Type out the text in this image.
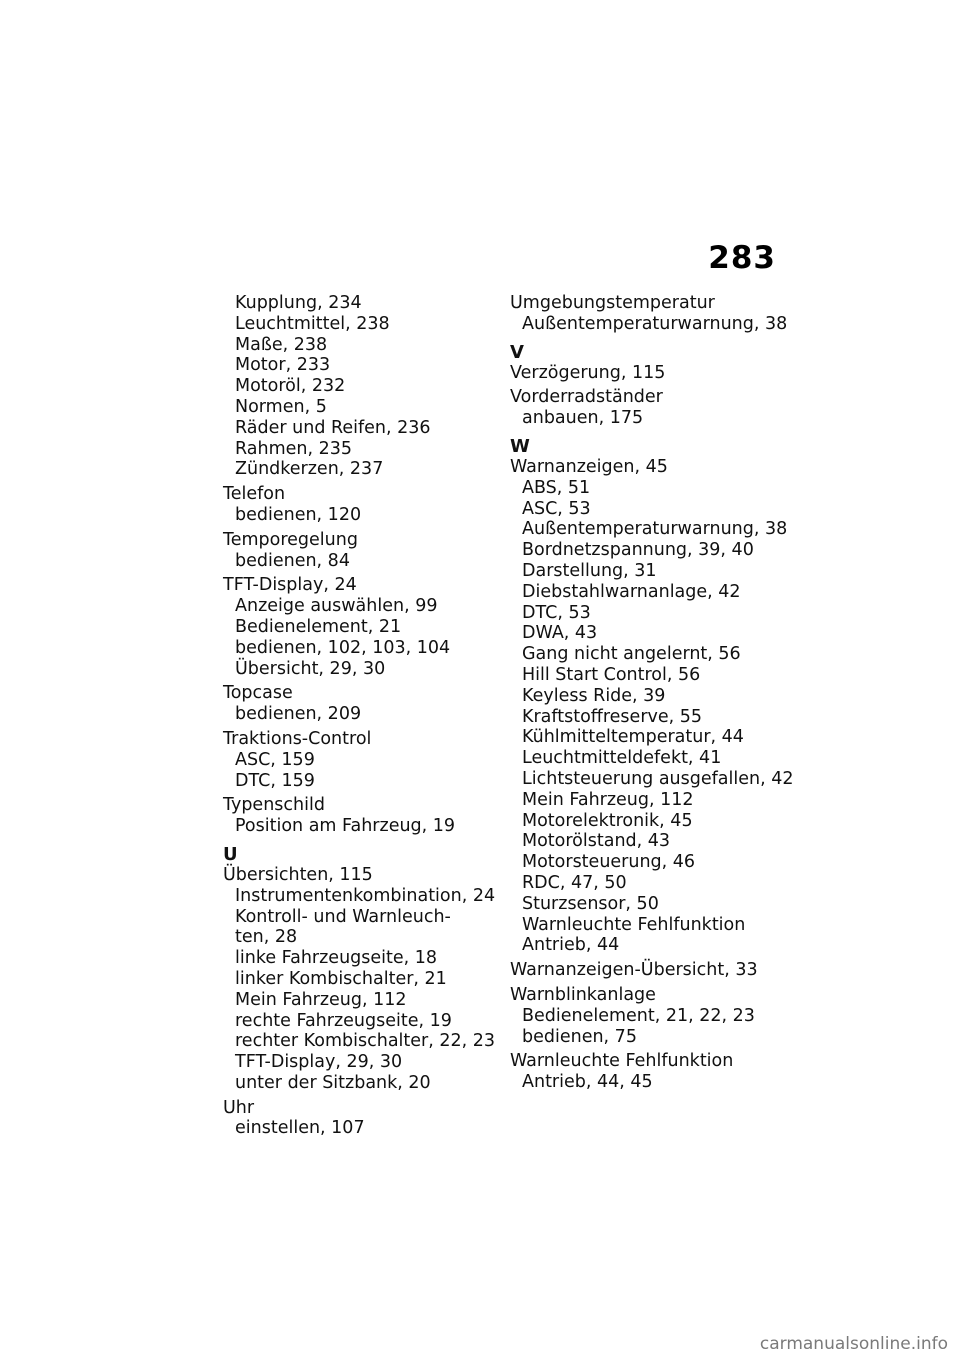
283
Kupplung, 234
Leuchtmittel, 238
Maße, 238
Motor, 233
Motoröl, 232
Normen, 5
Räder und Reifen, 236
Rahmen, 235
Zündkerzen, 237
Telefon
bedienen, 120
Temporegelung
bedienen, 84
TFT-Display, 24
Anzeige auswählen, 99
Bedienelement, 21
bedienen, 102, 103, 104
Übersicht, 29, 30
Topcase
bedienen, 209
Traktions-Control
ASC, 159
DTC, 159
Typenschild
Position am Fahrzeug, 19
U
Übersichten, 115
Instrumentenkombination, 24
Kontroll- und Warnleuch-
ten, 28
linke Fahrzeugseite, 18
linker Kombischalter, 21
Mein Fahrzeug, 112
rechte Fahrzeugseite, 19
rechter Kombischalter, 22, 23
TFT-Display, 29, 30
unter der Sitzbank, 20
Uhr
einstellen, 107
Umgebungstemperatur
Außentemperaturwarnung, 38
V
Verzögerung, 115
Vorderradständer
anbauen, 175
W
Warnanzeigen, 45
ABS, 51
ASC, 53
Außentemperaturwarnung, 38
Bordnetzspannung, 39, 40
Darstellung, 31
Diebstahlwarnanlage, 42
DTC, 53
DWA, 43
Gang nicht angelernt, 56
Hill Start Control, 56
Keyless Ride, 39
Kraftstoffreserve, 55
Kühlmitteltemperatur, 44
Leuchtmitteldefekt, 41
Lichtsteuerung ausgefallen, 42
Mein Fahrzeug, 112
Motorelektronik, 45
Motorölstand, 43
Motorsteuerung, 46
RDC, 47, 50
Sturzsensor, 50
Warnleuchte Fehlfunktion
Antrieb, 44
Warnanzeigen-Übersicht, 33
Warnblinkanlage
Bedienelement, 21, 22, 23
bedienen, 75
Warnleuchte Fehlfunktion
Antrieb, 44, 45
carmanualsonline.info
